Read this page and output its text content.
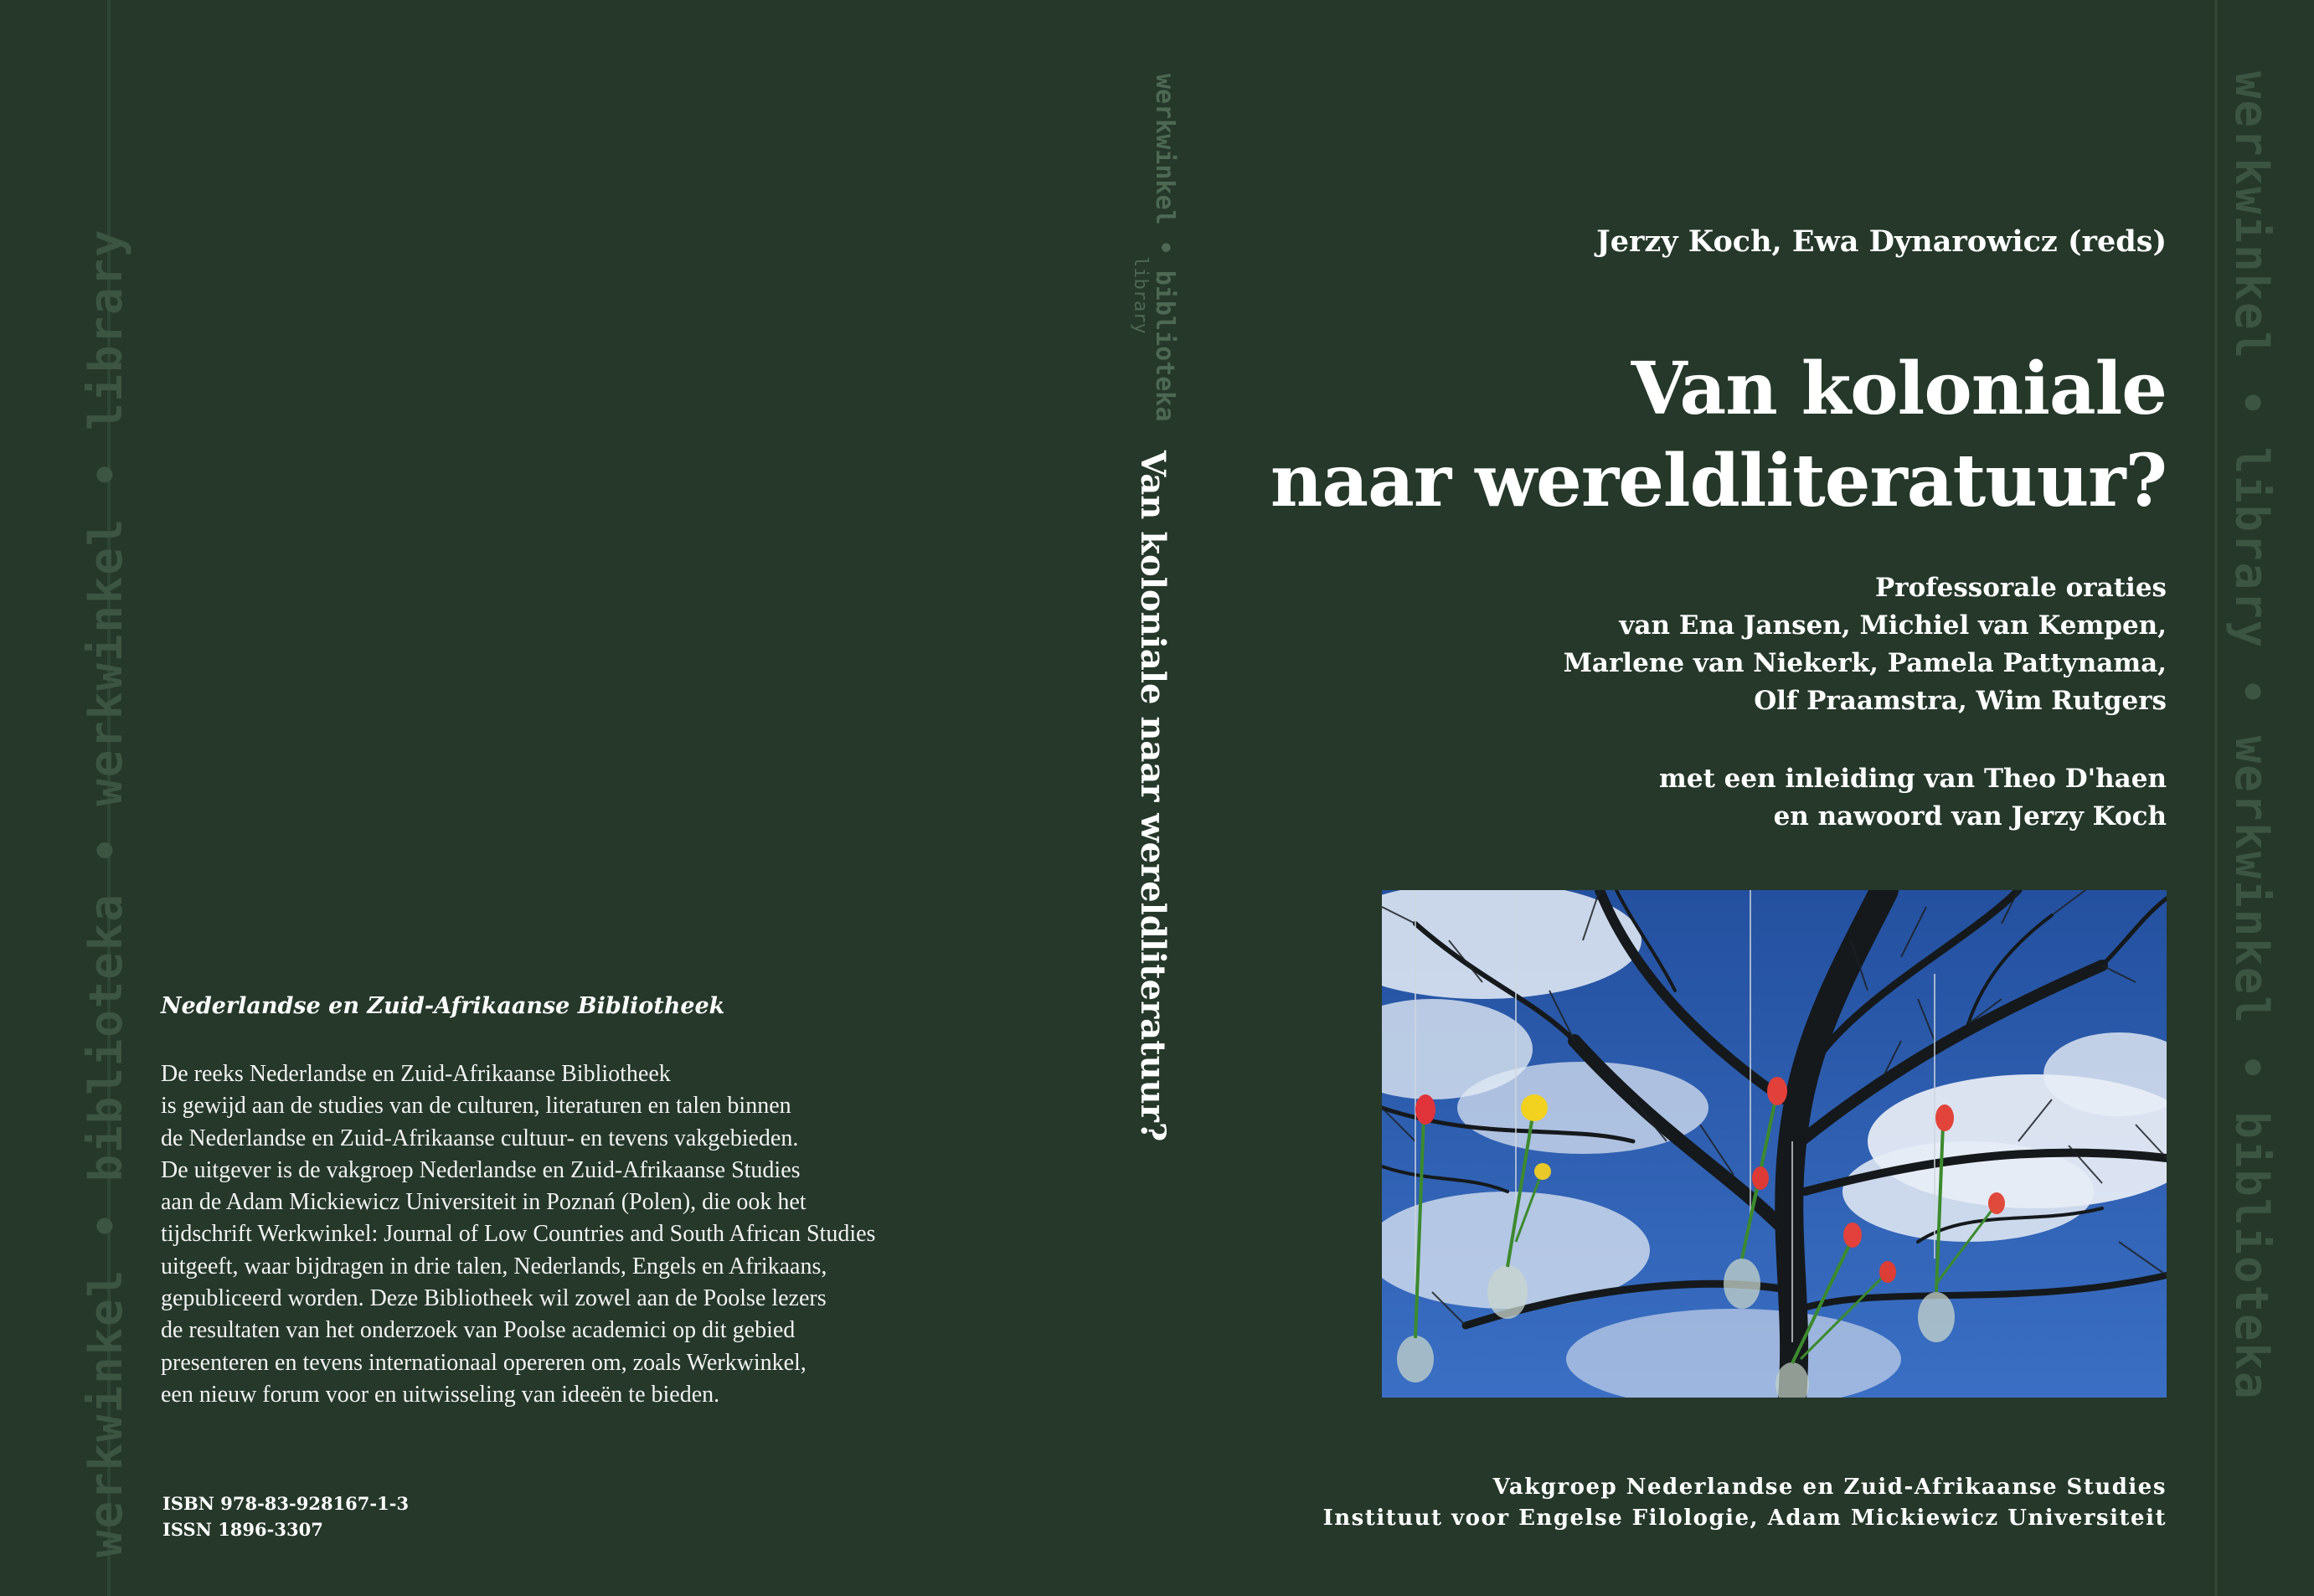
werkwinkel • biblioteka • werkwinkel • library	werkwinkel • library • werkwinkel • biblioteka
werkwinkel • biblioteka
library
Van koloniale naar wereldliteratuur?
Nederlandse en Zuid-Afrikaanse Bibliotheek

De reeks Nederlandse en Zuid-Afrikaanse Bibliotheek

is gewijd aan de studies van de culturen, literaturen en talen binnen

de Nederlandse en Zuid-Afrikaanse cultuur- en tevens vakgebieden.

De uitgever is de vakgroep Nederlandse en Zuid-Afrikaanse Studies

aan de Adam Mickiewicz Universiteit in Poznań (Polen), die ook het

tijdschrift Werkwinkel: Journal of Low Countries and South African Studies

uitgeeft, waar bijdragen in drie talen, Nederlands, Engels en Afrikaans,

gepubliceerd worden. Deze Bibliotheek wil zowel aan de Poolse lezers

de resultaten van het onderzoek van Poolse academici op dit gebied

presenteren en tevens internationaal opereren om, zoals Werkwinkel,

een nieuw forum voor en uitwisseling van ideeën te bieden.

ISBN 978-83-928167-1-3
ISSN 1896-3307
Jerzy Koch, Ewa Dynarowicz (reds)
Van koloniale
naar wereldliteratuur?
Professorale oraties
van Ena Jansen, Michiel van Kempen,
Marlene van Niekerk, Pamela Pattynama,
Olf Praamstra, Wim Rutgers
met een inleiding van Theo D'haen
en nawoord van Jerzy Koch
Vakgroep Nederlandse en Zuid-Afrikaanse Studies
Instituut voor Engelse Filologie, Adam Mickiewicz Universiteit
